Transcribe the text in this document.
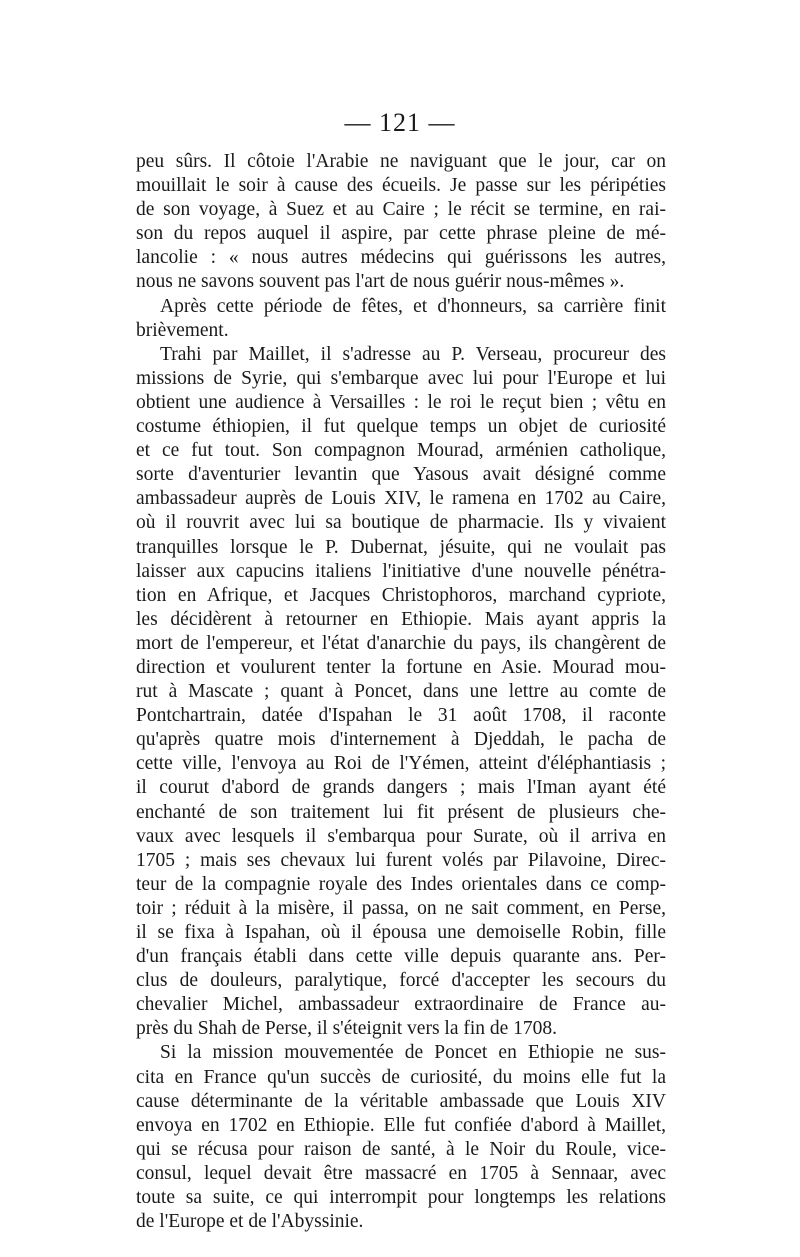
— 121 —
peu sûrs. Il côtoie l'Arabie ne naviguant que le jour, car on
mouillait le soir à cause des écueils. Je passe sur les péripéties
de son voyage, à Suez et au Caire ; le récit se termine, en rai-
son du repos auquel il aspire, par cette phrase pleine de mé-
lancolie : « nous autres médecins qui guérissons les autres,
nous ne savons souvent pas l'art de nous guérir nous-mêmes ».
Après cette période de fêtes, et d'honneurs, sa carrière finit
brièvement.
Trahi par Maillet, il s'adresse au P. Verseau, procureur des
missions de Syrie, qui s'embarque avec lui pour l'Europe et lui
obtient une audience à Versailles : le roi le reçut bien ; vêtu en
costume éthiopien, il fut quelque temps un objet de curiosité
et ce fut tout. Son compagnon Mourad, arménien catholique,
sorte d'aventurier levantin que Yasous avait désigné comme
ambassadeur auprès de Louis XIV, le ramena en 1702 au Caire,
où il rouvrit avec lui sa boutique de pharmacie. Ils y vivaient
tranquilles lorsque le P. Dubernat, jésuite, qui ne voulait pas
laisser aux capucins italiens l'initiative d'une nouvelle pénétra-
tion en Afrique, et Jacques Christophoros, marchand cypriote,
les décidèrent à retourner en Ethiopie. Mais ayant appris la
mort de l'empereur, et l'état d'anarchie du pays, ils changèrent de
direction et voulurent tenter la fortune en Asie. Mourad mou-
rut à Mascate ; quant à Poncet, dans une lettre au comte de
Pontchartrain, datée d'Ispahan le 31 août 1708, il raconte
qu'après quatre mois d'internement à Djeddah, le pacha de
cette ville, l'envoya au Roi de l'Yémen, atteint d'éléphantiasis ;
il courut d'abord de grands dangers ; mais l'Iman ayant été
enchanté de son traitement lui fit présent de plusieurs che-
vaux avec lesquels il s'embarqua pour Surate, où il arriva en
1705 ; mais ses chevaux lui furent volés par Pilavoine, Direc-
teur de la compagnie royale des Indes orientales dans ce comp-
toir ; réduit à la misère, il passa, on ne sait comment, en Perse,
il se fixa à Ispahan, où il épousa une demoiselle Robin, fille
d'un français établi dans cette ville depuis quarante ans. Per-
clus de douleurs, paralytique, forcé d'accepter les secours du
chevalier Michel, ambassadeur extraordinaire de France au-
près du Shah de Perse, il s'éteignit vers la fin de 1708.
Si la mission mouvementée de Poncet en Ethiopie ne sus-
cita en France qu'un succès de curiosité, du moins elle fut la
cause déterminante de la véritable ambassade que Louis XIV
envoya en 1702 en Ethiopie. Elle fut confiée d'abord à Maillet,
qui se récusa pour raison de santé, à le Noir du Roule, vice-
consul, lequel devait être massacré en 1705 à Sennaar, avec
toute sa suite, ce qui interrompit pour longtemps les relations
de l'Europe et de l'Abyssinie.
